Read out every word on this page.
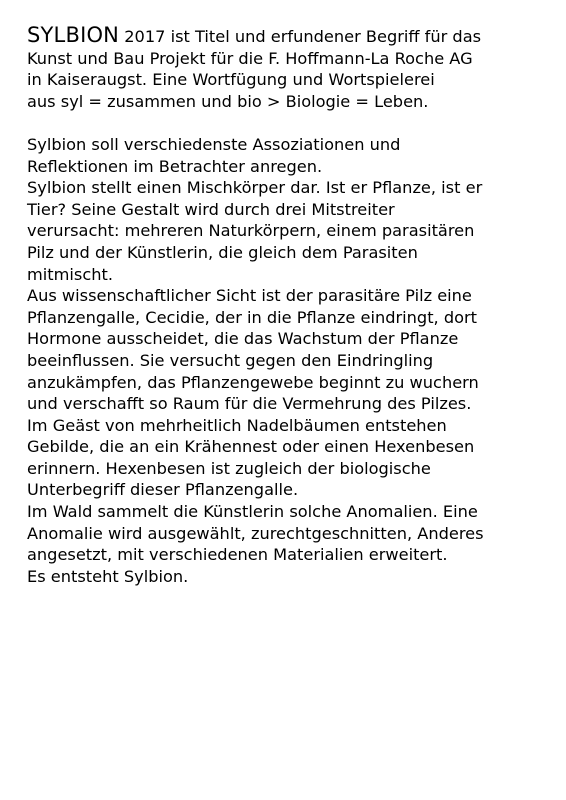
SYLBION 2017 ist Titel und erfundener Begriff für das
Kunst und Bau Projekt für die F. Hoffmann-La Roche AG
in Kaiseraugst. Eine Wortfügung und Wortspielerei
aus syl = zusammen und bio > Biologie = Leben.
Sylbion soll verschiedenste Assoziationen und
Reflektionen im Betrachter anregen.
Sylbion stellt einen Mischkörper dar. Ist er Pflanze, ist er
Tier? Seine Gestalt wird durch drei Mitstreiter
verursacht: mehreren Naturkörpern, einem parasitären
Pilz und der Künstlerin, die gleich dem Parasiten
mitmischt.
Aus wissenschaftlicher Sicht ist der parasitäre Pilz eine
Pflanzengalle, Cecidie, der in die Pflanze eindringt, dort
Hormone ausscheidet, die das Wachstum der Pflanze
beeinflussen. Sie versucht gegen den Eindringling
anzukämpfen, das Pflanzengewebe beginnt zu wuchern
und verschafft so Raum für die Vermehrung des Pilzes.
Im Geäst von mehrheitlich Nadelbäumen entstehen
Gebilde, die an ein Krähennest oder einen Hexenbesen
erinnern. Hexenbesen ist zugleich der biologische
Unterbegriff dieser Pflanzengalle.
Im Wald sammelt die Künstlerin solche Anomalien. Eine
Anomalie wird ausgewählt, zurechtgeschnitten, Anderes
angesetzt, mit verschiedenen Materialien erweitert.
Es entsteht Sylbion.
